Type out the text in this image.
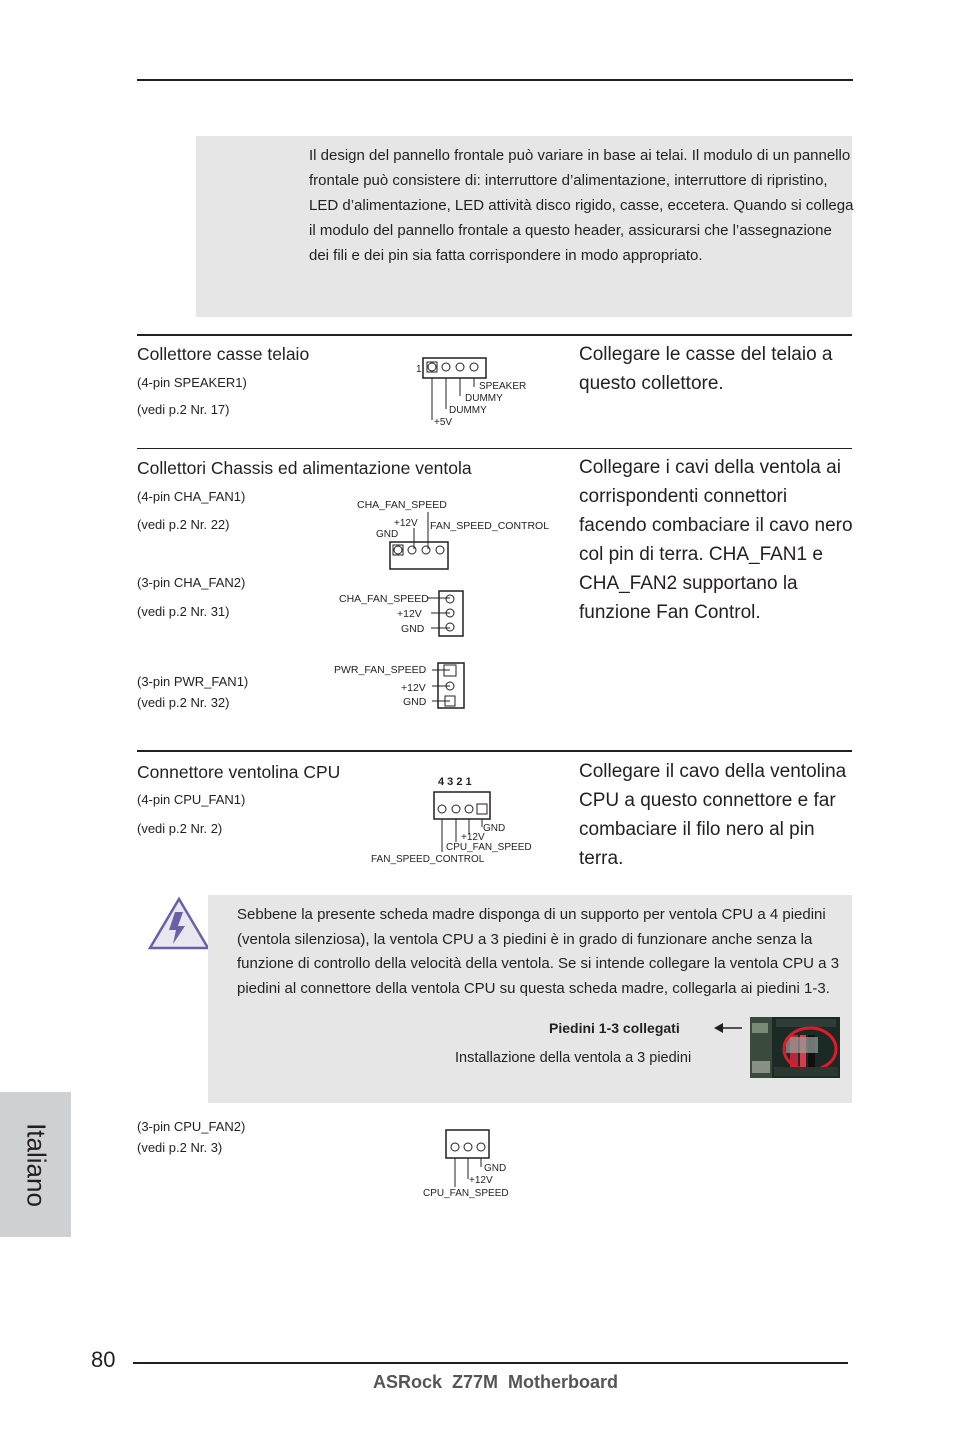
Il design del pannello frontale può variare in base ai telai. Il modulo di un pannello frontale può consistere di: interruttore d’alimentazione, interruttore di ripristino, LED d’alimentazione, LED attività disco rigido, casse, eccetera. Quando si collega il modulo del pannello frontale a questo header, assicurarsi che l’assegnazione dei fili e dei pin sia fatta corrispondere in modo appropriato.
Collettore casse telaio
(4-pin SPEAKER1)
(vedi p.2 Nr. 17)
Collegare le casse del telaio a questo collettore.
1
SPEAKER
DUMMY
DUMMY
+5V
Collettori Chassis ed alimentazione ventola
(4-pin CHA_FAN1)
(vedi p.2 Nr. 22)
(3-pin CHA_FAN2)
(vedi p.2 Nr. 31)
(3-pin PWR_FAN1)
(vedi p.2 Nr. 32)
Collegare i cavi della ventola ai corrispondenti connettori facendo combaciare il cavo nero col pin di terra. CHA_FAN1 e CHA_FAN2 supportano la funzione Fan Control.
CHA_FAN_SPEED
+12V
GND
FAN_SPEED_CONTROL
CHA_FAN_SPEED
+12V
GND
PWR_FAN_SPEED
+12V
GND
Connettore ventolina CPU
(4-pin CPU_FAN1)
(vedi p.2 Nr. 2)
Collegare il cavo della ventolina CPU a questo connettore e far combaciare il filo nero al pin terra.
4 3 2 1
GND
+12V
CPU_FAN_SPEED
FAN_SPEED_CONTROL
Sebbene la presente scheda madre disponga di un supporto per ventola CPU a 4 piedini (ventola silenziosa), la ventola CPU a 3 piedini è in grado di funzionare anche senza la funzione di controllo della velocità della ventola. Se si intende collegare la ventola CPU a 3 piedini al connettore della ventola CPU su questa scheda madre, collegarla ai piedini 1-3.
Piedini 1-3 collegati
Installazione della ventola a 3 piedini
(3-pin CPU_FAN2)
(vedi p.2 Nr. 3)
GND
+12V
CPU_FAN_SPEED
Italiano
80
ASRock  Z77M  Motherboard
